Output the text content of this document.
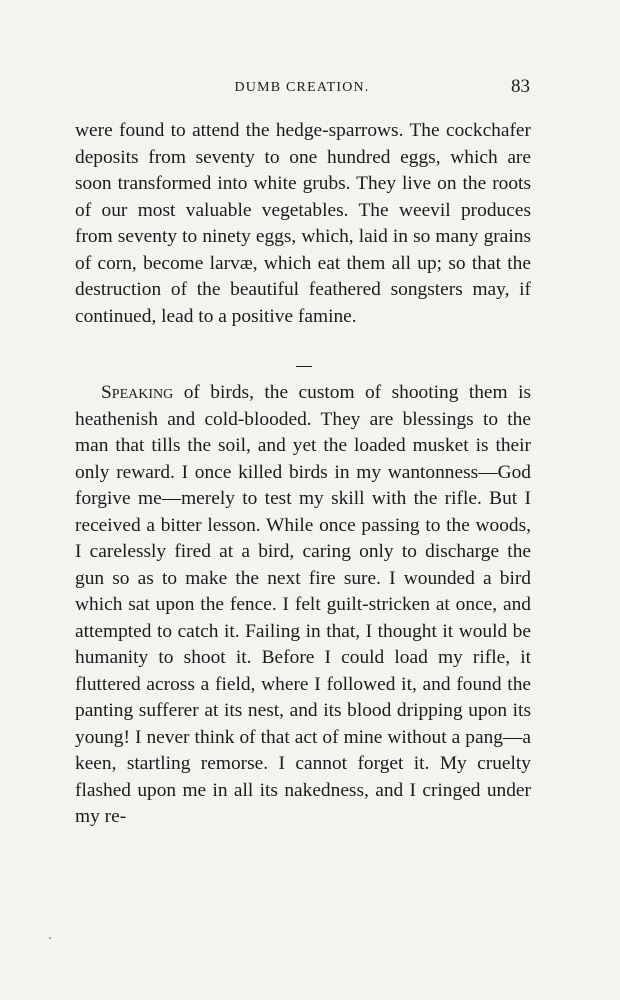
DUMB CREATION.	83

were found to attend the hedge-sparrows. The cockchafer deposits from seventy to one hundred eggs, which are soon transformed into white grubs. They live on the roots of our most valuable vegetables. The weevil produces from seventy to ninety eggs, which, laid in so many grains of corn, become larvæ, which eat them all up; so that the destruction of the beautiful feathered songsters may, if continued, lead to a positive famine.

Speaking of birds, the custom of shooting them is heathenish and cold-blooded. They are blessings to the man that tills the soil, and yet the loaded musket is their only reward. I once killed birds in my wantonness—God forgive me—merely to test my skill with the rifle. But I received a bitter lesson. While once passing to the woods, I carelessly fired at a bird, caring only to discharge the gun so as to make the next fire sure. I wounded a bird which sat upon the fence. I felt guilt-stricken at once, and attempted to catch it. Failing in that, I thought it would be humanity to shoot it. Before I could load my rifle, it fluttered across a field, where I followed it, and found the panting sufferer at its nest, and its blood dripping upon its young! I never think of that act of mine without a pang—a keen, startling remorse. I cannot forget it. My cruelty flashed upon me in all its nakedness, and I cringed under my re-
